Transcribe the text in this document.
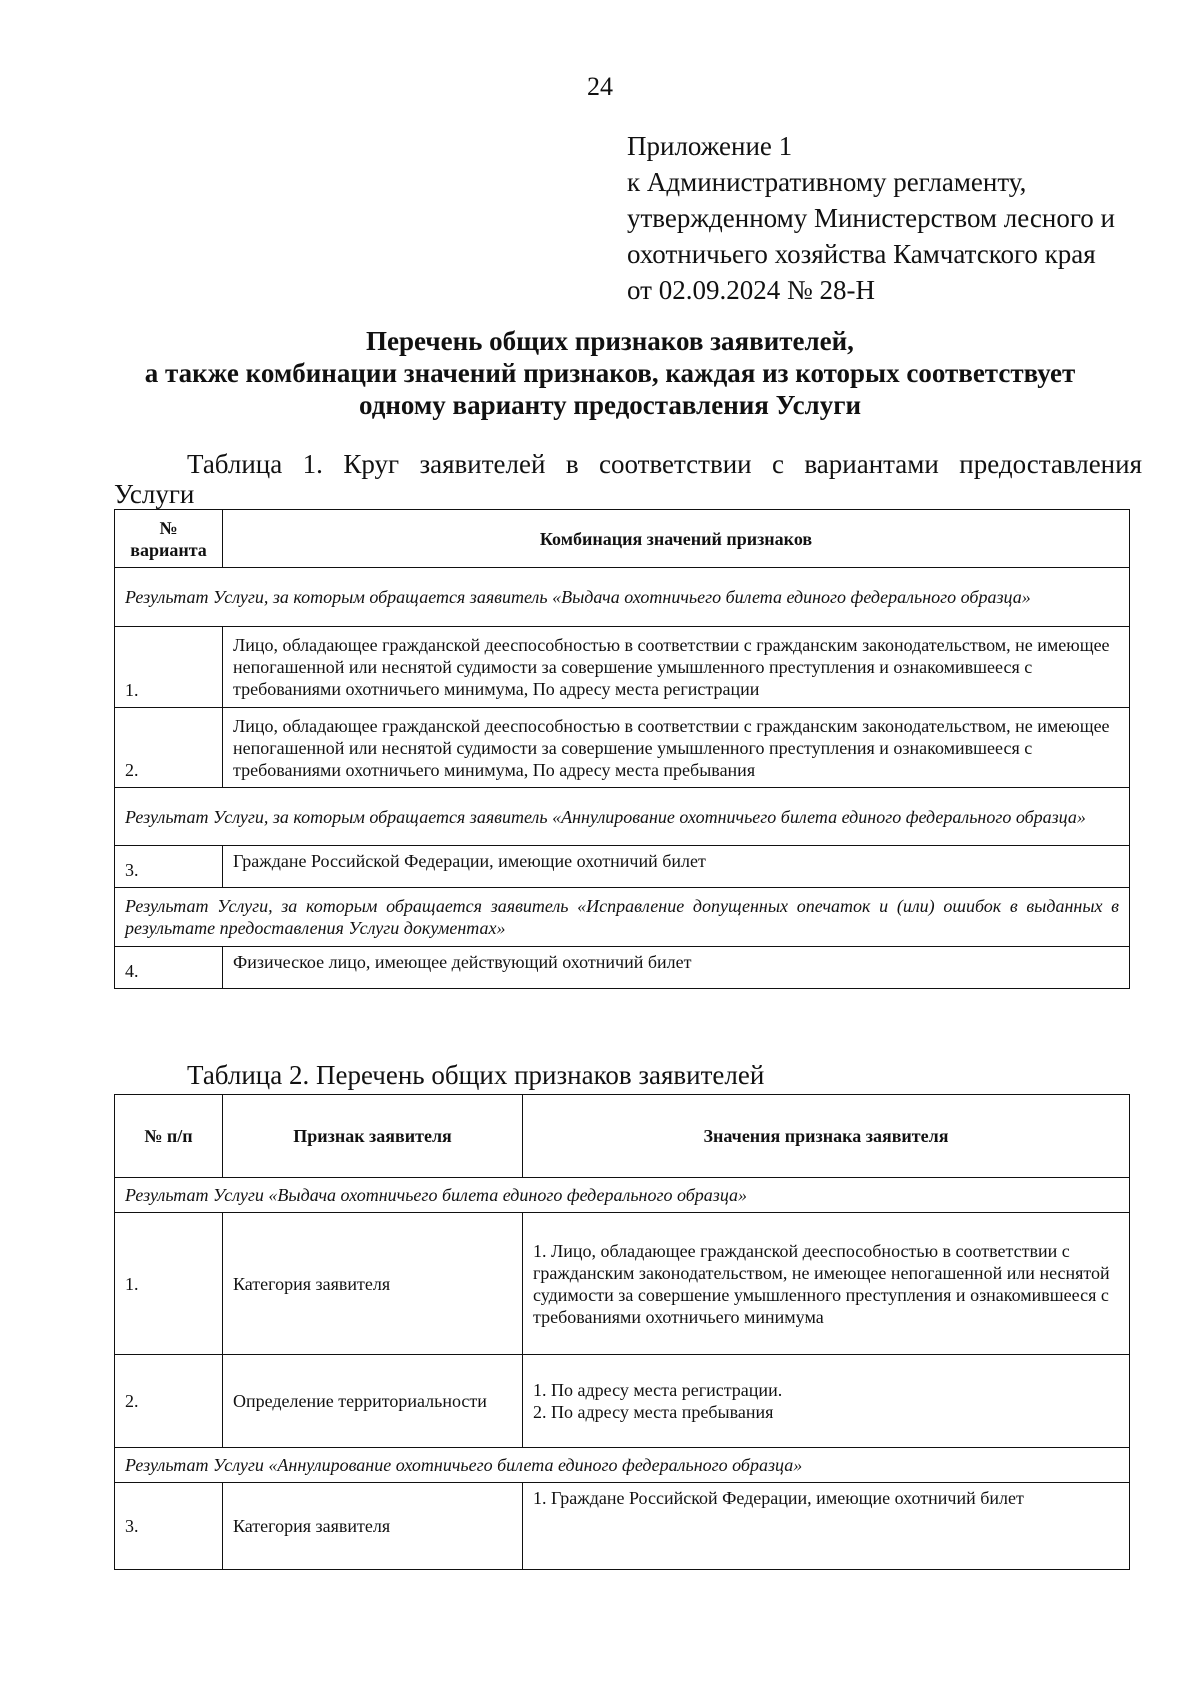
24
Приложение 1
к Административному регламенту,
утвержденному Министерством лесного и
охотничьего хозяйства Камчатского края
от 02.09.2024 № 28-Н
Перечень общих признаков заявителей,
а также комбинации значений признаков, каждая из которых соответствует
одному варианту предоставления Услуги
Таблица 1. Круг заявителей в соответствии с вариантами предоставления
Услуги
№
варианта	Комбинация значений признаков
Результат Услуги, за которым обращается заявитель «Выдача охотничьего билета единого федерального образца»	
1.	Лицо, обладающее гражданской дееспособностью в соответствии с гражданским законодательством, не имеющее непогашенной или неснятой судимости за совершение умышленного преступления и ознакомившееся с требованиями охотничьего минимума, По адресу места регистрации
2.	Лицо, обладающее гражданской дееспособностью в соответствии с гражданским законодательством, не имеющее непогашенной или неснятой судимости за совершение умышленного преступления и ознакомившееся с требованиями охотничьего минимума, По адресу места пребывания
Результат Услуги, за которым обращается заявитель «Аннулирование охотничьего билета единого федерального образца»	
3.	Граждане Российской Федерации, имеющие охотничий билет
Результат Услуги, за которым обращается заявитель «Исправление допущенных опечаток и (или) ошибок в выданных в результате предоставления Услуги документах»	
4.	Физическое лицо, имеющее действующий охотничий билет
Таблица 2. Перечень общих признаков заявителей
№ п/п	Признак заявителя	Значения признака заявителя
Результат Услуги «Выдача охотничьего билета единого федерального образца»		
1.	Категория заявителя	1. Лицо, обладающее гражданской дееспособностью в соответствии с гражданским законодательством, не имеющее непогашенной или неснятой судимости за совершение умышленного преступления и ознакомившееся с требованиями охотничьего минимума

2.	Определение территориальности	1. По адресу места регистрации.
2. По адресу места пребывания

Результат Услуги «Аннулирование охотничьего билета единого федерального образца»		
3.	Категория заявителя	1. Граждане Российской Федерации, имеющие охотничий билет
